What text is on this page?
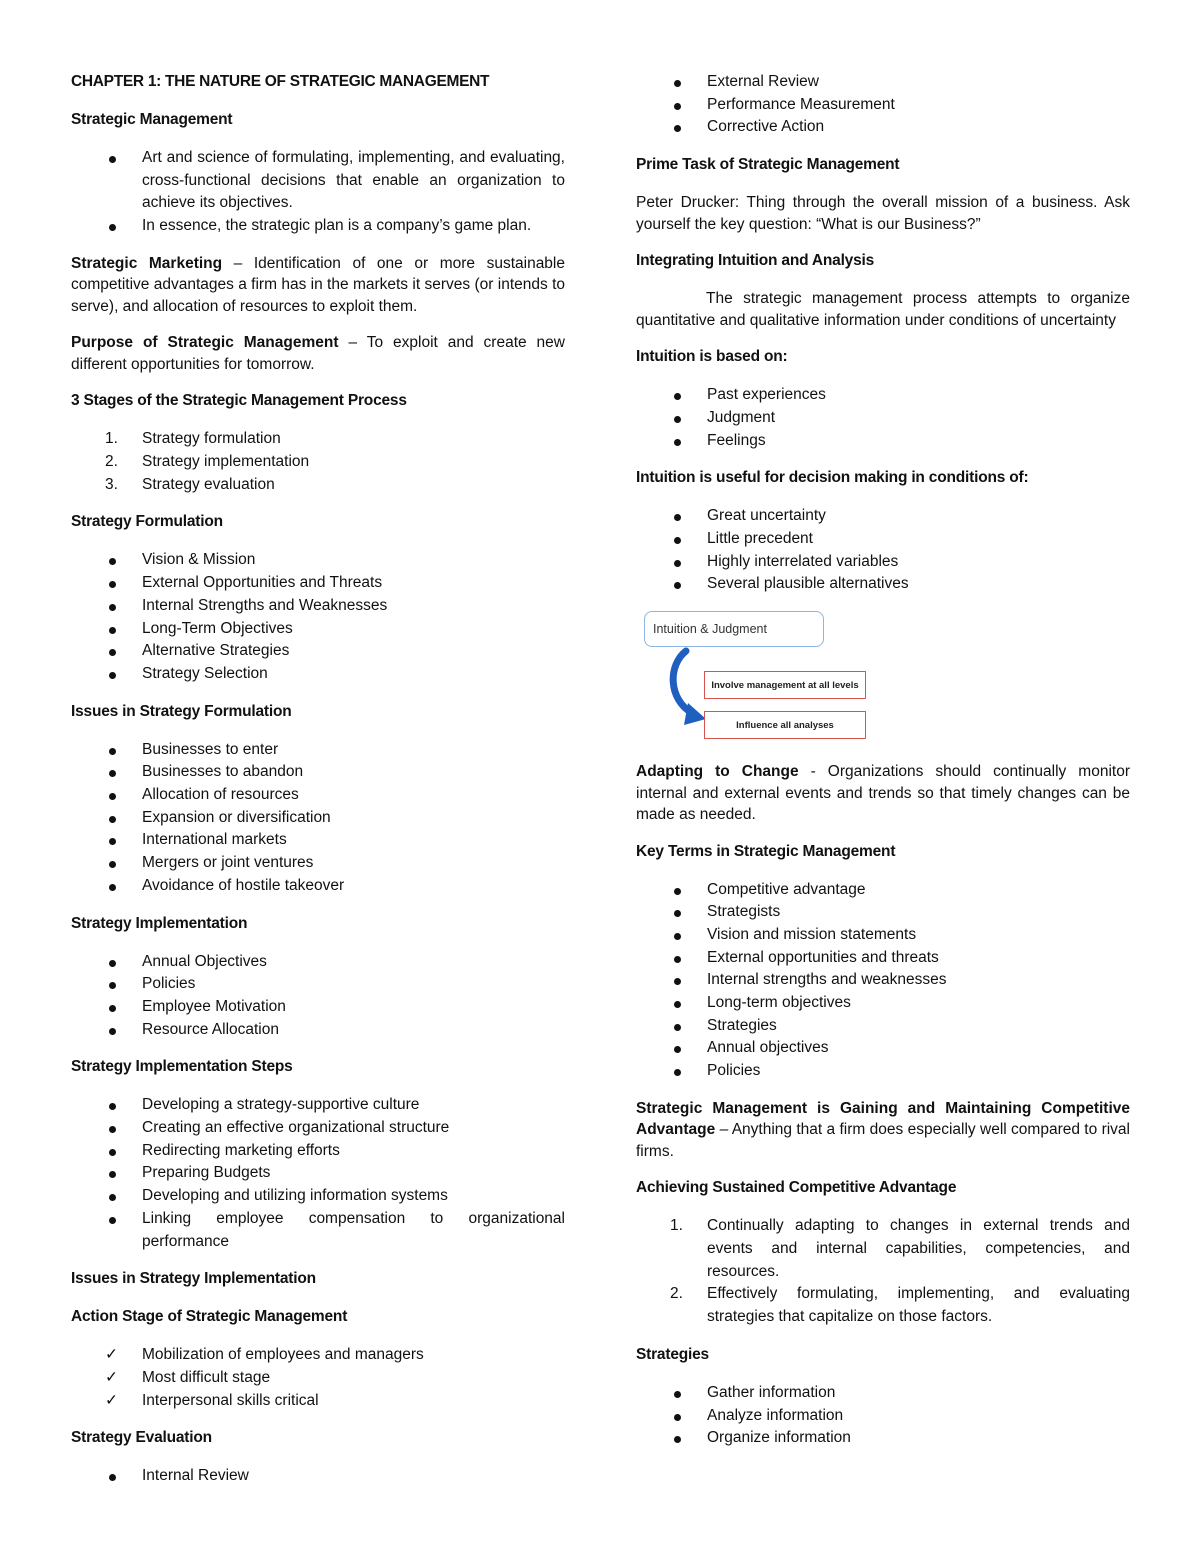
CHAPTER 1: THE NATURE OF STRATEGIC MANAGEMENT
Strategic Management
Art and science of formulating, implementing, and evaluating, cross-functional decisions that enable an organization to achieve its objectives.
In essence, the strategic plan is a company’s game plan.
Strategic Marketing – Identification of one or more sustainable competitive advantages a firm has in the markets it serves (or intends to serve), and allocation of resources to exploit them.
Purpose of Strategic Management – To exploit and create new different opportunities for tomorrow.
3 Stages of the Strategic Management Process
1.	Strategy formulation
2.	Strategy implementation
3.	Strategy evaluation
Strategy Formulation
Vision & Mission
External Opportunities and Threats
Internal Strengths and Weaknesses
Long-Term Objectives
Alternative Strategies
Strategy Selection
Issues in Strategy Formulation
Businesses to enter
Businesses to abandon
Allocation of resources
Expansion or diversification
International markets
Mergers or joint ventures
Avoidance of hostile takeover
Strategy Implementation
Annual Objectives
Policies
Employee Motivation
Resource Allocation
Strategy Implementation Steps
Developing a strategy-supportive culture
Creating an effective organizational structure
Redirecting marketing efforts
Preparing Budgets
Developing and utilizing information systems
Linking employee compensation to organizational performance
Issues in Strategy Implementation
Action Stage of Strategic Management
✓	Mobilization of employees and managers
✓	Most difficult stage
✓	Interpersonal skills critical
Strategy Evaluation
Internal Review
External Review
Performance Measurement
Corrective Action
Prime Task of Strategic Management
Peter Drucker: Thing through the overall mission of a business. Ask yourself the key question: “What is our Business?”
Integrating Intuition and Analysis
The strategic management process attempts to organize quantitative and qualitative information under conditions of uncertainty
Intuition is based on:
Past experiences
Judgment
Feelings
Intuition is useful for decision making in conditions of:
Great uncertainty
Little precedent
Highly interrelated variables
Several plausible alternatives
Intuition & Judgment
Involve management at all levels
Influence all analyses
Adapting to Change - Organizations should continually monitor internal and external events and trends so that timely changes can be made as needed.
Key Terms in Strategic Management
Competitive advantage
Strategists
Vision and mission statements
External opportunities and threats
Internal strengths and weaknesses
Long-term objectives
Strategies
Annual objectives
Policies
Strategic Management is Gaining and Maintaining Competitive Advantage – Anything that a firm does especially well compared to rival firms.
Achieving Sustained Competitive Advantage
1.	Continually adapting to changes in external trends and events and internal capabilities, competencies, and resources.
2.	Effectively formulating, implementing, and evaluating strategies that capitalize on those factors.
Strategies
Gather information
Analyze information
Organize information
